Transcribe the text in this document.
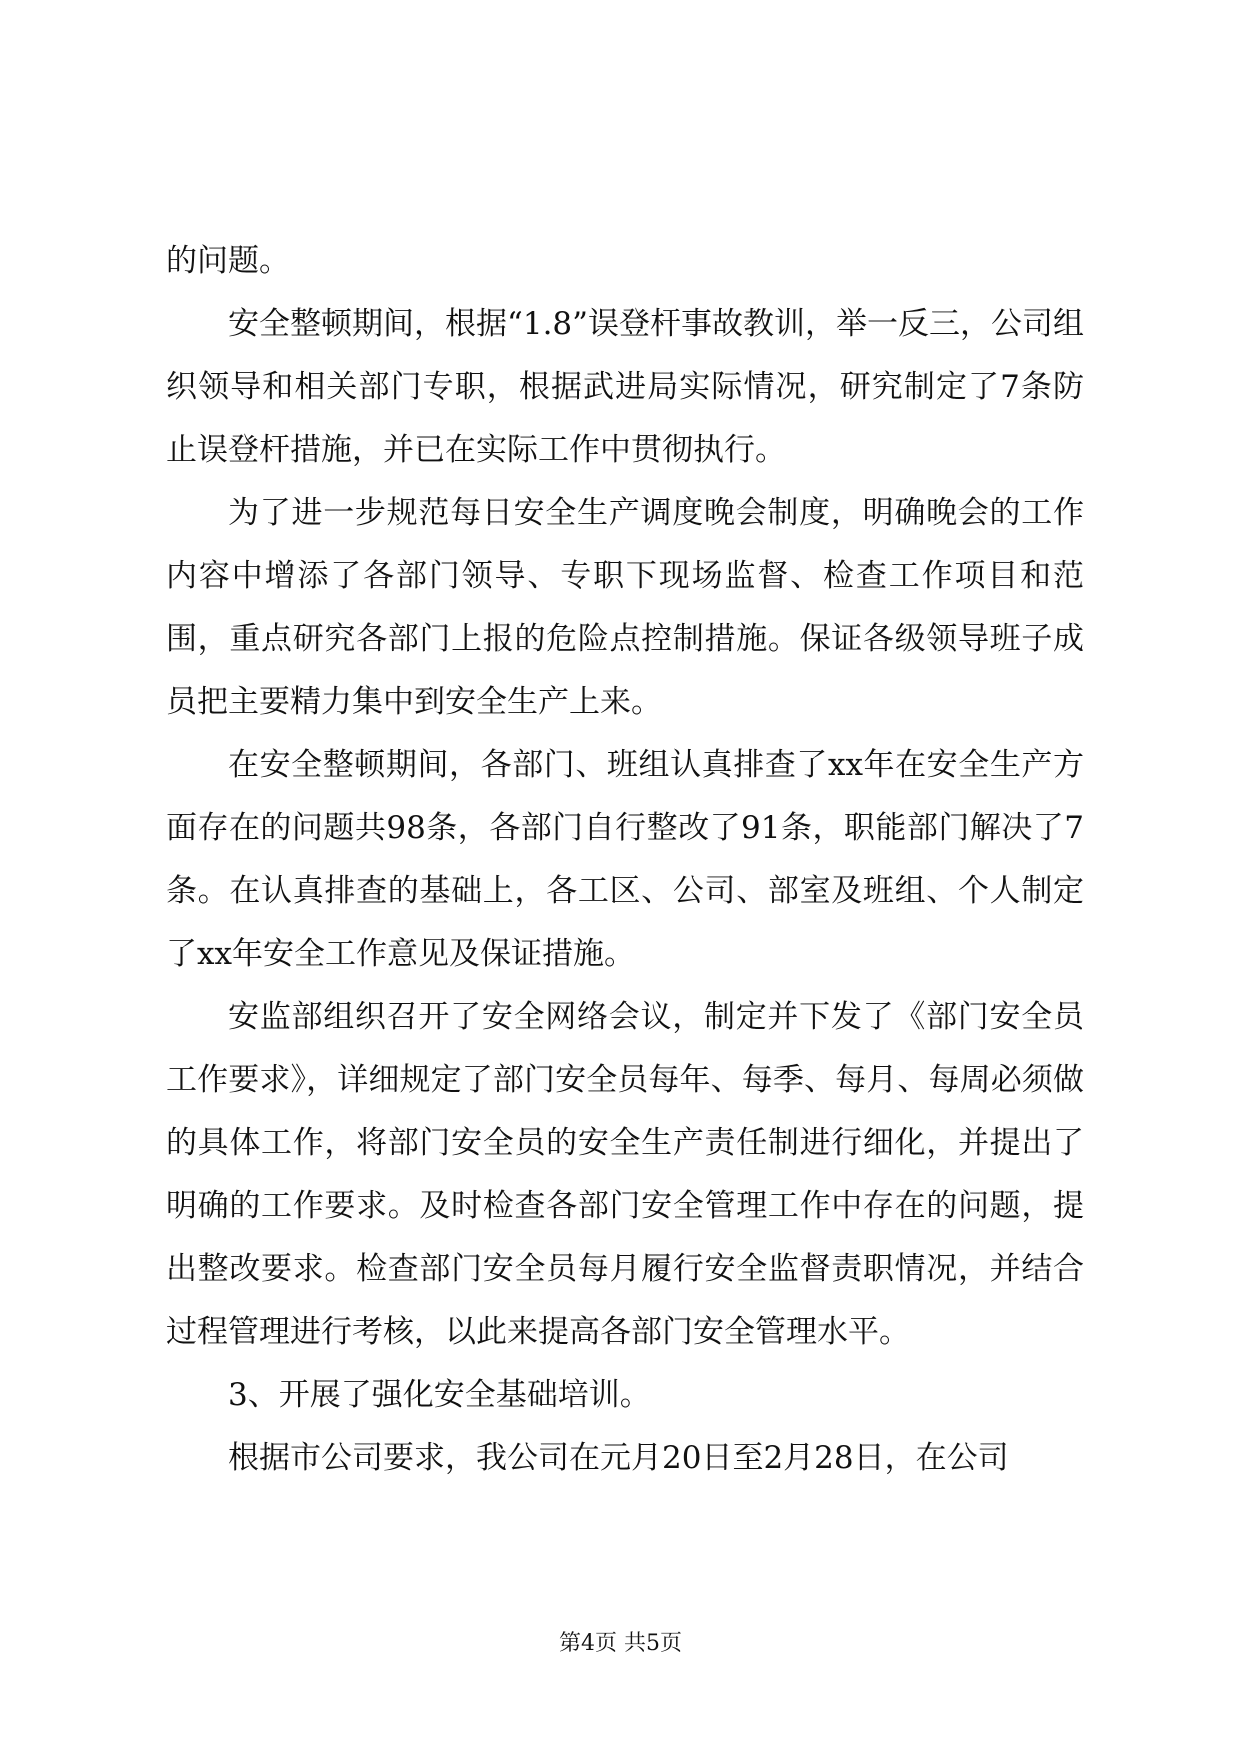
的问题。

安全整顿期间，根据“1.8”误登杆事故教训，举一反三，公司组织领导和相关部门专职，根据武进局实际情况，研究制定了7条防止误登杆措施，并已在实际工作中贯彻执行。

为了进一步规范每日安全生产调度晚会制度，明确晚会的工作内容中增添了各部门领导、专职下现场监督、检查工作项目和范围，重点研究各部门上报的危险点控制措施。保证各级领导班子成员把主要精力集中到安全生产上来。

在安全整顿期间，各部门、班组认真排查了xx年在安全生产方面存在的问题共98条，各部门自行整改了91条，职能部门解决了7条。在认真排查的基础上，各工区、公司、部室及班组、个人制定了xx年安全工作意见及保证措施。

安监部组织召开了安全网络会议，制定并下发了《部门安全员工作要求》，详细规定了部门安全员每年、每季、每月、每周必须做的具体工作，将部门安全员的安全生产责任制进行细化，并提出了明确的工作要求。及时检查各部门安全管理工作中存在的问题，提出整改要求。检查部门安全员每月履行安全监督责职情况，并结合过程管理进行考核，以此来提高各部门安全管理水平。

3、开展了强化安全基础培训。

根据市公司要求，我公司在元月20日至2月28日，在公司

第4页 共5页
